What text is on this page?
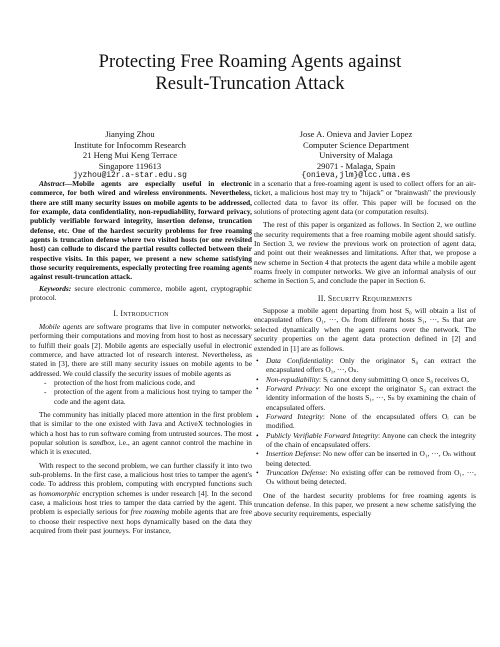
Protecting Free Roaming Agents against
Result-Truncation Attack
Jianying Zhou
Institute for Infocomm Research
21 Heng Mui Keng Terrace
Singapore 119613
jyzhou@i2r.a-star.edu.sg
Jose A. Onieva and Javier Lopez
Computer Science Department
University of Malaga
29071 - Malaga, Spain
{onieva,jlm}@lcc.uma.es

Abstract—Mobile agents are especially useful in electronic commerce, for both wired and wireless environments. Nevertheless, there are still many security issues on mobile agents to be addressed, for example, data confidentiality, non-repudiability, forward privacy, publicly verifiable forward integrity, insertion defense, truncation defense, etc. One of the hardest security problems for free roaming agents is truncation defense where two visited hosts (or one revisited host) can collude to discard the partial results collected between their respective visits. In this paper, we present a new scheme satisfying those security requirements, especially protecting free roaming agents against result-truncation attack.

Keywords: secure electronic commerce, mobile agent, cryptographic protocol.

I. Introduction

Mobile agents are software programs that live in computer networks, performing their computations and moving from host to host as necessary to fulfill their goals [2]. Mobile agents are especially useful in electronic commerce, and have attracted lot of research interest. Nevertheless, as stated in [3], there are still many security issues on mobile agents to be addressed. We could classify the security issues of mobile agents as

- protection of the host from malicious code, and
- protection of the agent from a malicious host trying to tamper the code and the agent data.

The community has initially placed more attention in the first problem that is similar to the one existed with Java and ActiveX technologies in which a host has to run software coming from untrusted sources. The most popular solution is sandbox, i.e., an agent cannot control the machine in which it is executed.

With respect to the second problem, we can further classify it into two sub-problems. In the first case, a malicious host tries to tamper the agent's code. To address this problem, computing with encrypted functions such as homomorphic encryption schemes is under research [4]. In the second case, a malicious host tries to tamper the data carried by the agent. This problem is especially serious for free roaming mobile agents that are free to choose their respective next hops dynamically based on the data they acquired from their past journeys. For instance,

in a scenario that a free-roaming agent is used to collect offers for an air-ticket, a malicious host may try to "hijack" or "brainwash" the previously collected data to favor its offer. This paper will be focused on the solutions of protecting agent data (or computation results).

The rest of this paper is organized as follows. In Section 2, we outline the security requirements that a free roaming mobile agent should satisfy. In Section 3, we review the previous work on protection of agent data, and point out their weaknesses and limitations. After that, we propose a new scheme in Section 4 that protects the agent data while a mobile agent roams freely in computer networks. We give an informal analysis of our scheme in Section 5, and conclude the paper in Section 6.

II. Security Requirements

Suppose a mobile agent departing from host S₀ will obtain a list of encapsulated offers O₁, ···, Oₙ from different hosts S₁, ···, Sₙ that are selected dynamically when the agent roams over the network. The security properties on the agent data protection defined in [2] and extended in [1] are as follows.

• Data Confidentiality: Only the originator S₀ can extract the encapsulated offers O₁, ···, Oₙ.
• Non-repudiability: Sᵢ cannot deny submitting Oᵢ once S₀ receives Oᵢ.
• Forward Privacy: No one except the originator S₀ can extract the identity information of the hosts S₁, ···, Sₙ by examining the chain of encapsulated offers.
• Forward Integrity: None of the encapsulated offers Oᵢ can be modified.
• Publicly Verifiable Forward Integrity: Anyone can check the integrity of the chain of encapsulated offers.
• Insertion Defense: No new offer can be inserted in O₁, ···, Oₙ without being detected.
• Truncation Defense: No existing offer can be removed from O₁, ···, Oₙ without being detected.

One of the hardest security problems for free roaming agents is truncation defense. In this paper, we present a new scheme satisfying the above security requirements, especially
